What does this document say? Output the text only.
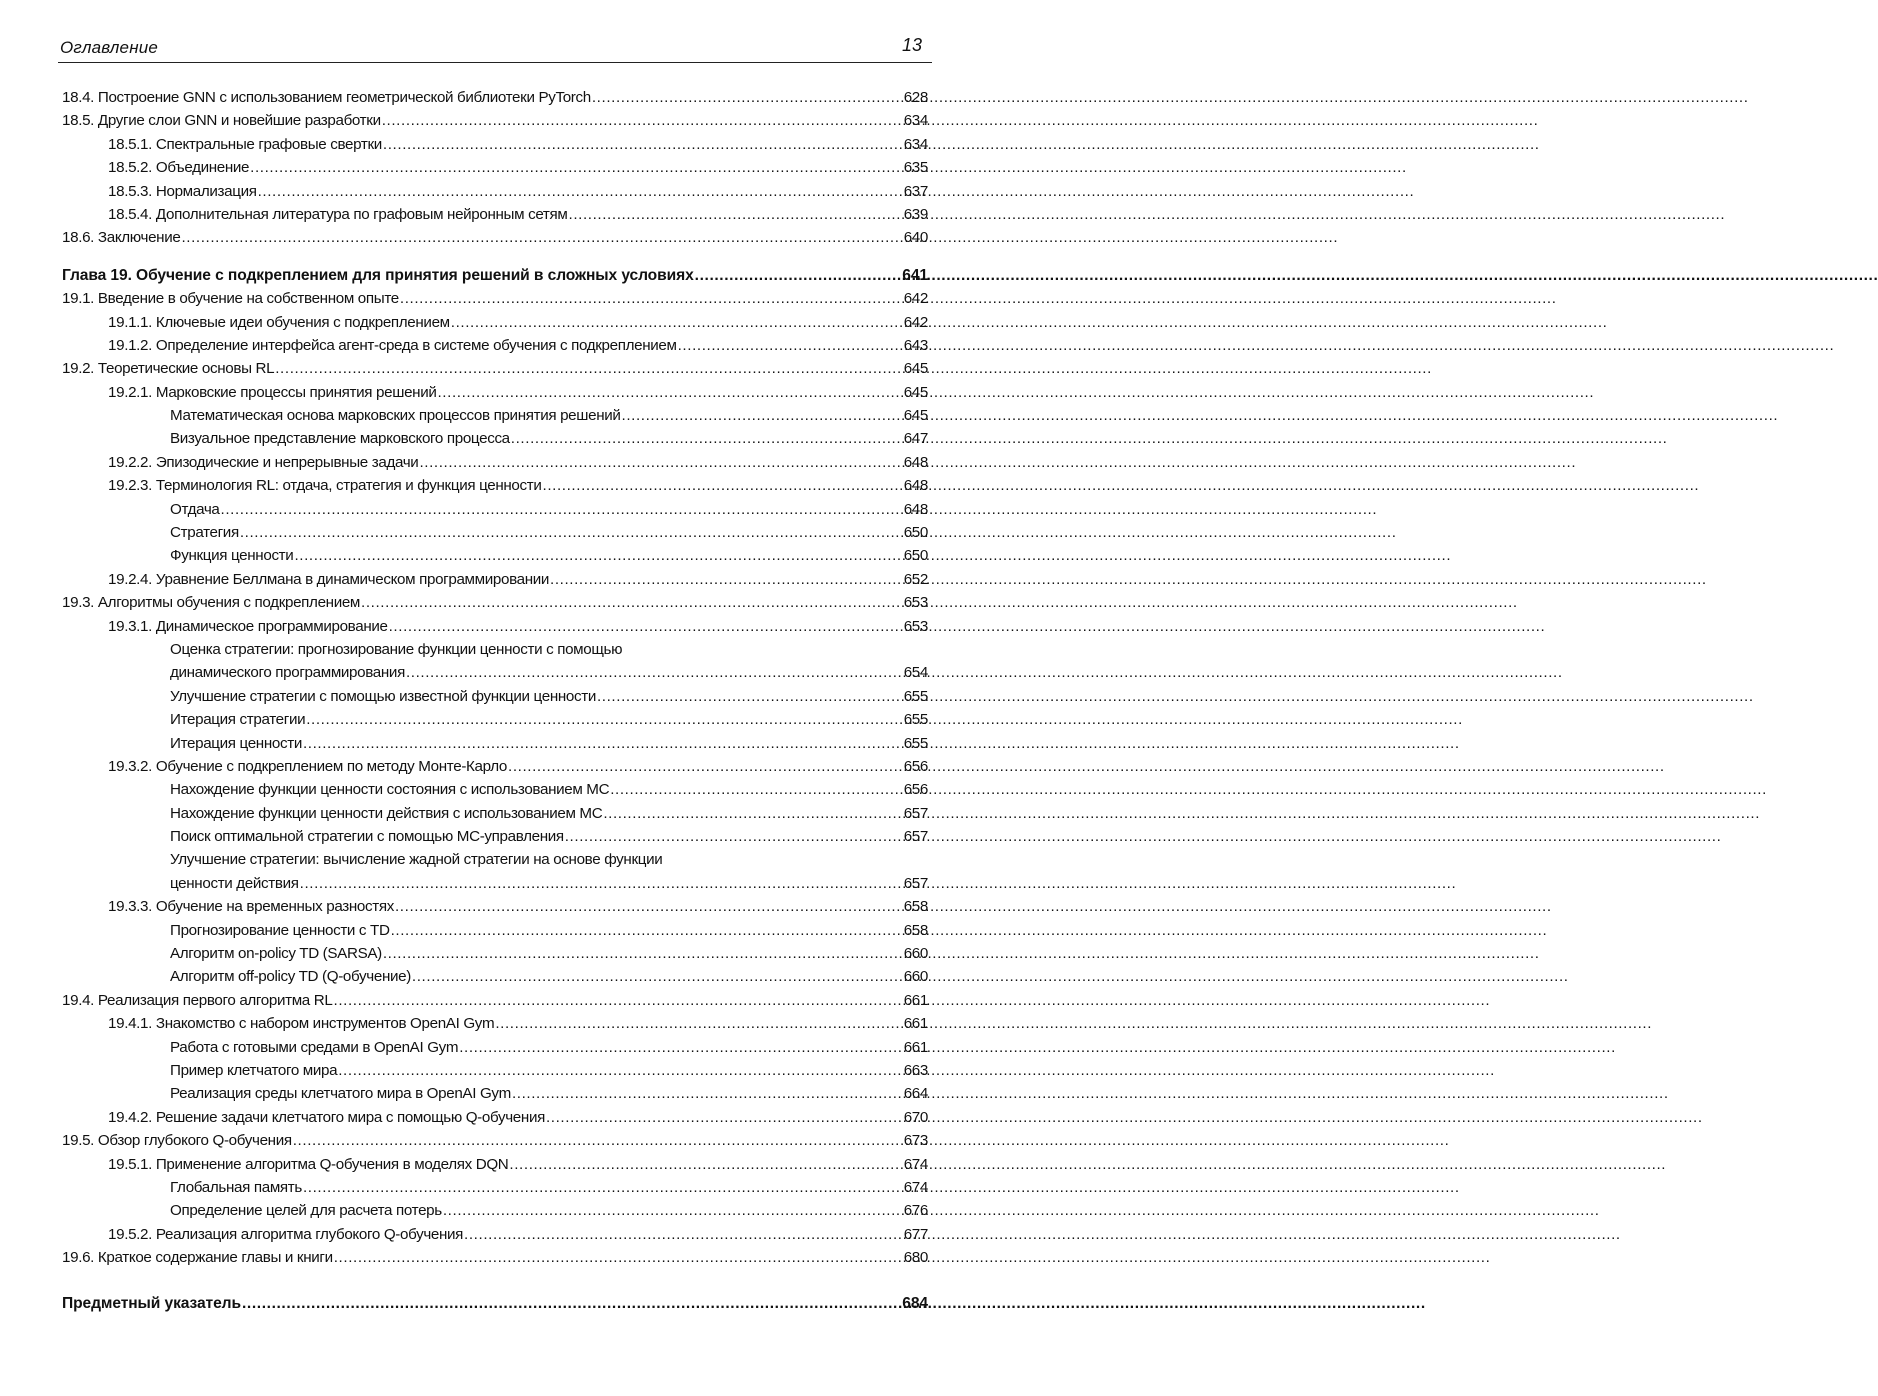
Оглавление	13
18.4. Построение GNN с использованием геометрической библиотеки PyTorch .....	628
18.5. Другие слои GNN и новейшие разработки .....	634
18.5.1. Спектральные графовые свертки .....	634
18.5.2. Объединение .....	635
18.5.3. Нормализация .....	637
18.5.4. Дополнительная литература по графовым нейронным сетям .....	639
18.6. Заключение .....	640
Глава 19. Обучение с подкреплением для принятия решений в сложных условиях .....	641
19.1. Введение в обучение на собственном опыте .....	642
19.1.1. Ключевые идеи обучения с подкреплением .....	642
19.1.2. Определение интерфейса агент-среда в системе обучения с подкреплением .....	643
19.2. Теоретические основы RL .....	645
19.2.1. Марковские процессы принятия решений .....	645
Математическая основа марковских процессов принятия решений .....	645
Визуальное представление марковского процесса .....	647
19.2.2. Эпизодические и непрерывные задачи .....	648
19.2.3. Терминология RL: отдача, стратегия и функция ценности .....	648
Отдача .....	648
Стратегия .....	650
Функция ценности .....	650
19.2.4. Уравнение Беллмана в динамическом программировании .....	652
19.3. Алгоритмы обучения с подкреплением .....	653
19.3.1. Динамическое программирование .....	653
Оценка стратегии: прогнозирование функции ценности с помощью
динамического программирования .....	654
Улучшение стратегии с помощью известной функции ценности .....	655
Итерация стратегии .....	655
Итерация ценности .....	655
19.3.2. Обучение с подкреплением по методу Монте-Карло .....	656
Нахождение функции ценности состояния с использованием MC .....	656
Нахождение функции ценности действия с использованием MC .....	657
Поиск оптимальной стратегии с помощью MC-управления .....	657
Улучшение стратегии: вычисление жадной стратегии на основе функции
ценности действия .....	657
19.3.3. Обучение на временных разностях .....	658
Прогнозирование ценности с TD .....	658
Алгоритм on-policy TD (SARSA) .....	660
Алгоритм off-policy TD (Q-обучение) .....	660
19.4. Реализация первого алгоритма RL .....	661
19.4.1. Знакомство с набором инструментов OpenAI Gym .....	661
Работа с готовыми средами в OpenAI Gym .....	661
Пример клетчатого мира .....	663
Реализация среды клетчатого мира в OpenAI Gym .....	664
19.4.2. Решение задачи клетчатого мира с помощью Q-обучения .....	670
19.5. Обзор глубокого Q-обучения .....	673
19.5.1. Применение алгоритма Q-обучения в моделях DQN .....	674
Глобальная память .....	674
Определение целей для расчета потерь .....	676
19.5.2. Реализация алгоритма глубокого Q-обучения .....	677
19.6. Краткое содержание главы и книги .....	680
Предметный указатель .....	684
